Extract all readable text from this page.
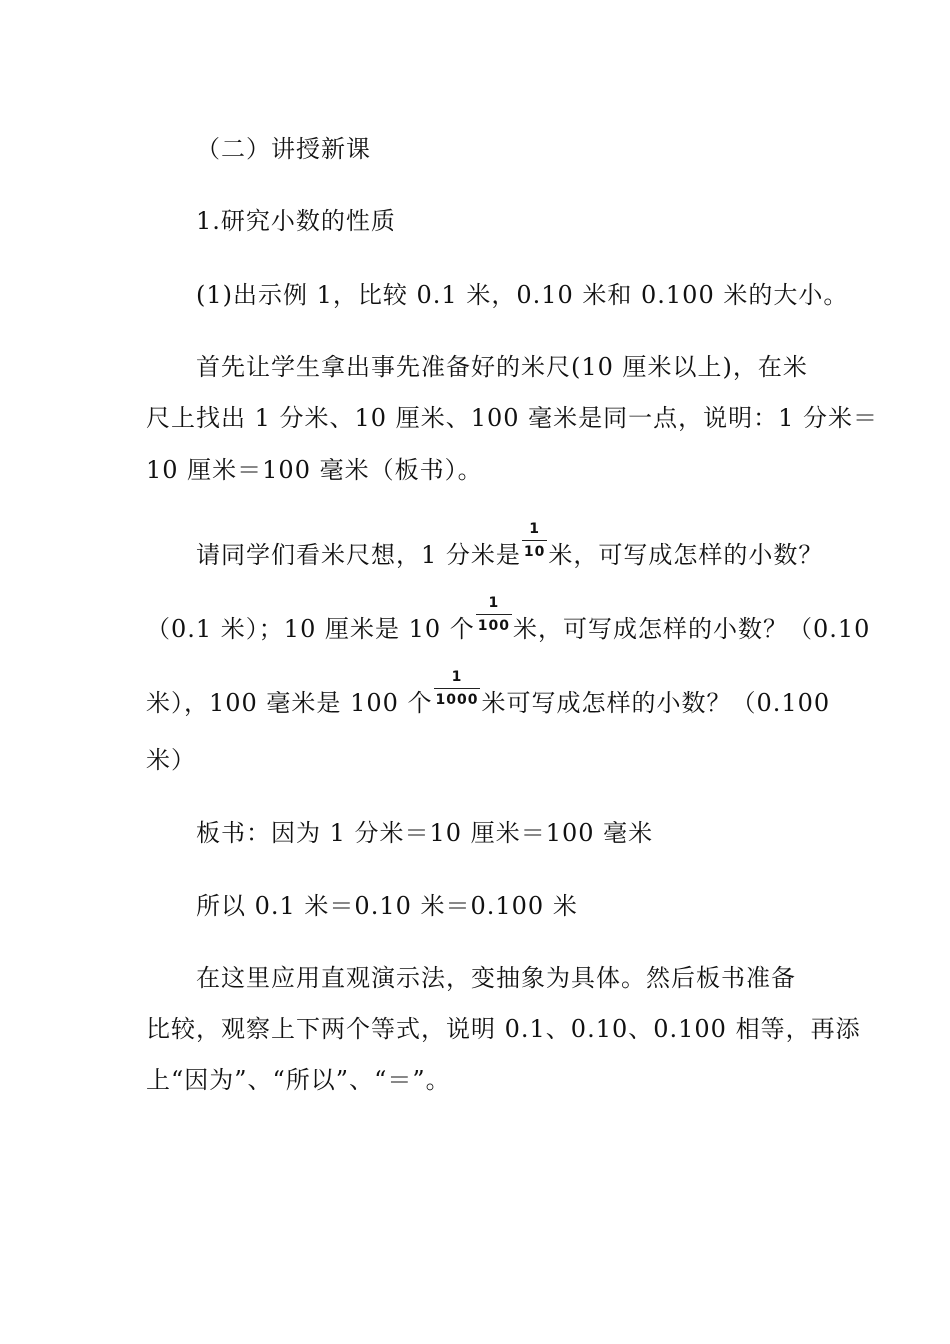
（二）讲授新课
1.研究小数的性质
(1)出示例 1，比较 0.1 米，0.10 米和 0.100 米的大小。
首先让学生拿出事先准备好的米尺(10 厘米以上)，在米
尺上找出 1 分米、10 厘米、100 毫米是同一点，说明：1 分米＝
10 厘米＝100 毫米（板书）。
请同学们看米尺想，1 分米是 $\frac{1}{10}$ 米，可写成怎样的小数？
（0.1 米）；10 厘米是 10 个 $\frac{1}{100}$ 米，可写成怎样的小数？（0.10
米），100 毫米是 100 个 $\frac{1}{1000}$ 米可写成怎样的小数？（0.100
米）
板书：因为 1 分米＝10 厘米＝100 毫米
所以 0.1 米＝0.10 米＝0.100 米
在这里应用直观演示法，变抽象为具体。然后板书准备
比较，观察上下两个等式，说明 0.1、0.10、0.100 相等，再添
上“因为”、“所以”、“＝”。
